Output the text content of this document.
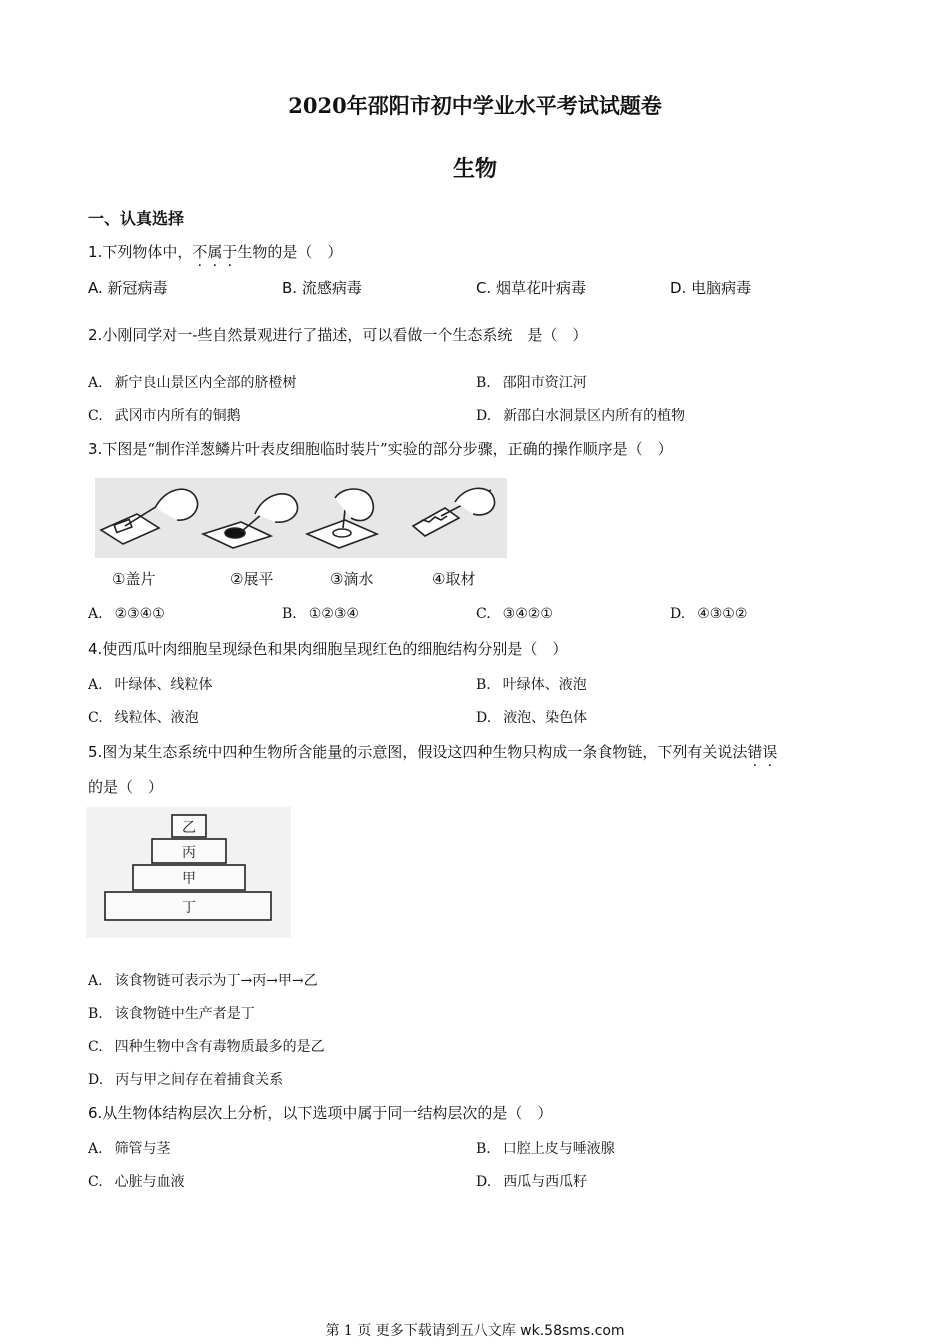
2020年邵阳市初中学业水平考试试题卷
生物
一、认真选择
1.下列物体中，不属于生物的是（　）
A. 新冠病毒	B. 流感病毒	C. 烟草花叶病毒	D. 电脑病毒
2.小刚同学对一-些自然景观进行了描述，可以看做一个生态系统　是（　）
A. 新宁良山景区内全部的脐橙树	B. 邵阳市资江河
C. 武冈市内所有的铜鹅	D. 新邵白水洞景区内所有的植物
3.下图是“制作洋葱鳞片叶表皮细胞临时装片”实验的部分步骤，正确的操作顺序是（　）
①盖片	②展平	③滴水	④取材
A. ②③④①	B. ①②③④	C. ③④②①	D. ④③①②
4.使西瓜叶肉细胞呈现绿色和果肉细胞呈现红色的细胞结构分别是（　）
A. 叶绿体、线粒体	B. 叶绿体、液泡
C. 线粒体、液泡	D. 液泡、染色体
5.图为某生态系统中四种生物所含能量的示意图，假设这四种生物只构成一条食物链，下列有关说法错误
的是（　）
乙
丙
甲
丁
A. 该食物链可表示为丁→丙→甲→乙
B. 该食物链中生产者是丁
C. 四种生物中含有毒物质最多的是乙
D. 丙与甲之间存在着捕食关系
6.从生物体结构层次上分析，以下选项中属于同一结构层次的是（　）
A. 筛管与茎	B. 口腔上皮与唾液腺
C. 心脏与血液	D. 西瓜与西瓜籽
第 1 页 更多下载请到五八文库 wk.58sms.com
